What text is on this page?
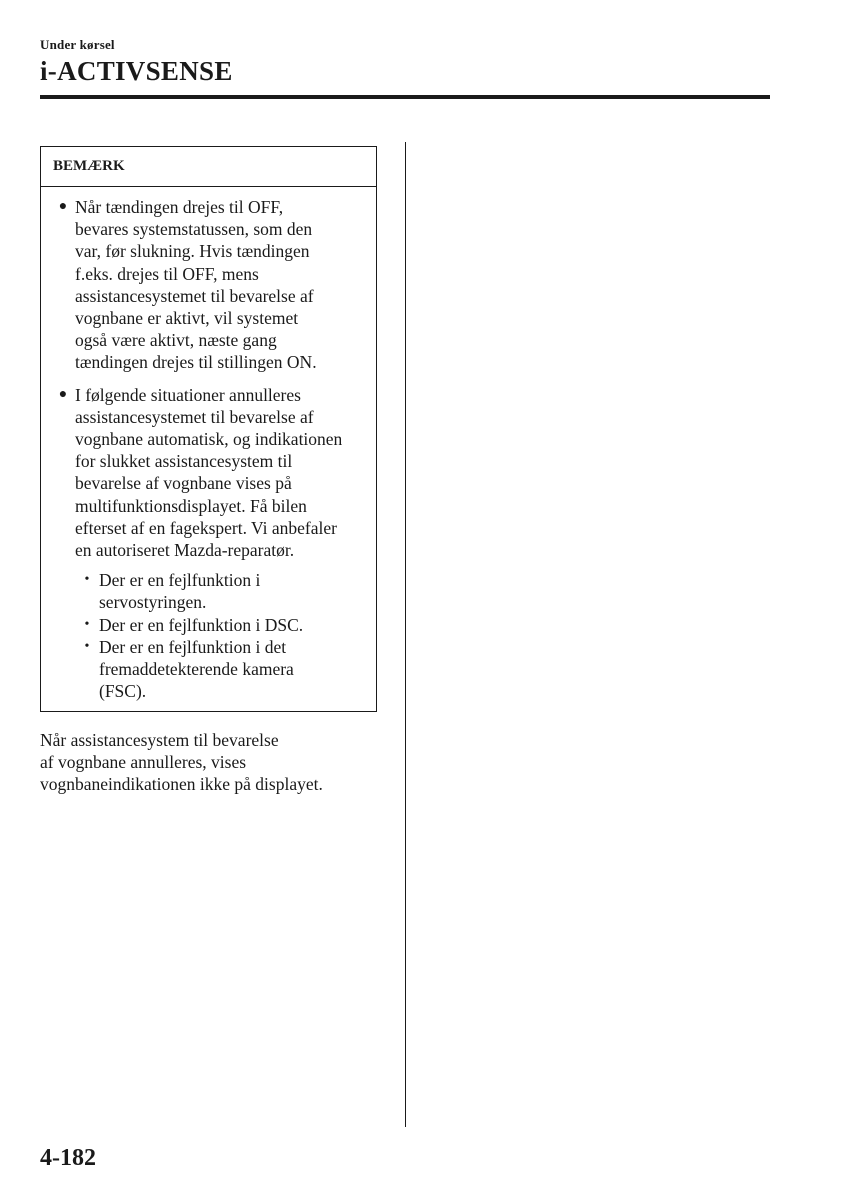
Under kørsel
i-ACTIVSENSE
BEMÆRK
● Når tændingen drejes til OFF,
bevares systemstatussen, som den
var, før slukning. Hvis tændingen
f.eks. drejes til OFF, mens
assistancesystemet til bevarelse af
vognbane er aktivt, vil systemet
også være aktivt, næste gang
tændingen drejes til stillingen ON.
● I følgende situationer annulleres
assistancesystemet til bevarelse af
vognbane automatisk, og indikationen
for slukket assistancesystem til
bevarelse af vognbane vises på
multifunktionsdisplayet. Få bilen
efterset af en fagekspert. Vi anbefaler
en autoriseret Mazda-reparatør.
• Der er en fejlfunktion i
servostyringen.
• Der er en fejlfunktion i DSC.
• Der er en fejlfunktion i det
fremaddetekterende kamera
(FSC).
Når assistancesystem til bevarelse
af vognbane annulleres, vises
vognbaneindikationen ikke på displayet.
4-182
